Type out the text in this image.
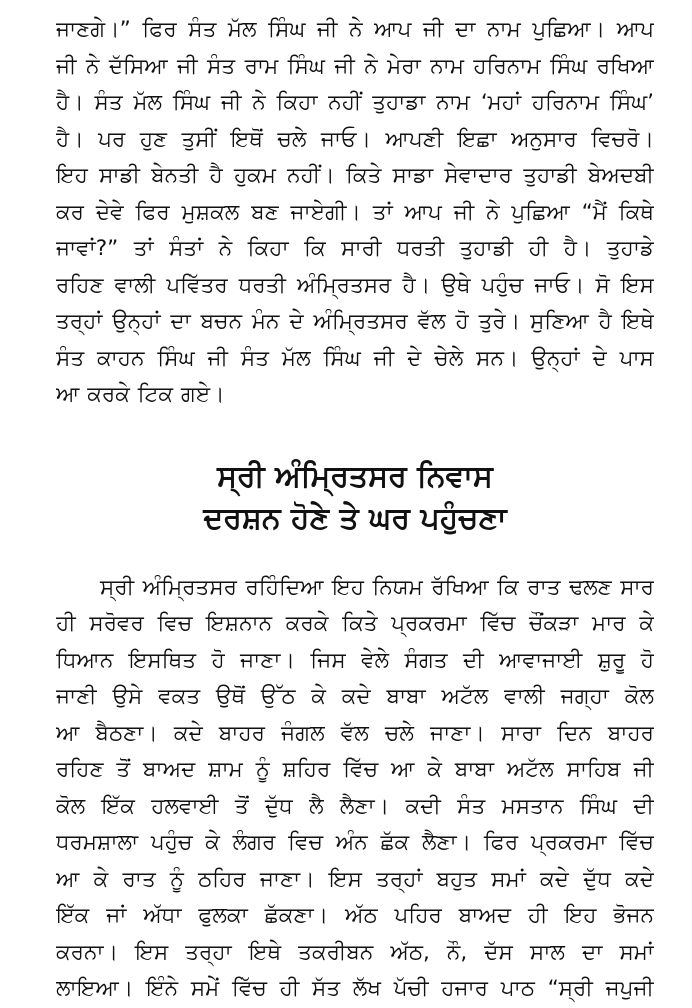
ਜਾਣਗੇ।” ਫਿਰ ਸੰਤ ਮੱਲ ਸਿੰਘ ਜੀ ਨੇ ਆਪ ਜੀ ਦਾ ਨਾਮ ਪੁਛਿਆ। ਆਪ
ਜੀ ਨੇ ਦੱਸਿਆ ਜੀ ਸੰਤ ਰਾਮ ਸਿੰਘ ਜੀ ਨੇ ਮੇਰਾ ਨਾਮ ਹਰਿਨਾਮ ਸਿੰਘ ਰਖਿਆ
ਹੈ। ਸੰਤ ਮੱਲ ਸਿੰਘ ਜੀ ਨੇ ਕਿਹਾ ਨਹੀਂ ਤੁਹਾਡਾ ਨਾਮ ‘ਮਹਾਂ ਹਰਿਨਾਮ ਸਿੰਘ’
ਹੈ। ਪਰ ਹੁਣ ਤੁਸੀਂ ਇਥੋਂ ਚਲੇ ਜਾਓ। ਆਪਣੀ ਇਛਾ ਅਨੁਸਾਰ ਵਿਚਰੋ।
ਇਹ ਸਾਡੀ ਬੇਨਤੀ ਹੈ ਹੁਕਮ ਨਹੀਂ। ਕਿਤੇ ਸਾਡਾ ਸੇਵਾਦਾਰ ਤੁਹਾਡੀ ਬੇਅਦਬੀ
ਕਰ ਦੇਵੇ ਫਿਰ ਮੁਸ਼ਕਲ ਬਣ ਜਾਏਗੀ। ਤਾਂ ਆਪ ਜੀ ਨੇ ਪੁਛਿਆ “ਮੈਂ ਕਿਥੇ
ਜਾਵਾਂ?” ਤਾਂ ਸੰਤਾਂ ਨੇ ਕਿਹਾ ਕਿ ਸਾਰੀ ਧਰਤੀ ਤੁਹਾਡੀ ਹੀ ਹੈ। ਤੁਹਾਡੇ
ਰਹਿਣ ਵਾਲੀ ਪਵਿੱਤਰ ਧਰਤੀ ਅੰਮ੍ਰਿਤਸਰ ਹੈ। ਉਥੇ ਪਹੁੰਚ ਜਾਓ। ਸੋ ਇਸ
ਤਰ੍ਹਾਂ ਉਨ੍ਹਾਂ ਦਾ ਬਚਨ ਮੰਨ ਦੇ ਅੰਮ੍ਰਿਤਸਰ ਵੱਲ ਹੋ ਤੁਰੇ। ਸੁਣਿਆ ਹੈ ਇਥੇ
ਸੰਤ ਕਾਹਨ ਸਿੰਘ ਜੀ ਸੰਤ ਮੱਲ ਸਿੰਘ ਜੀ ਦੇ ਚੇਲੇ ਸਨ। ਉਨ੍ਹਾਂ ਦੇ ਪਾਸ
ਆ ਕਰਕੇ ਟਿਕ ਗਏ।

ਸ੍ਰੀ ਅੰਮ੍ਰਿਤਸਰ ਨਿਵਾਸ
ਦਰਸ਼ਨ ਹੋਣੇ ਤੇ ਘਰ ਪਹੁੰਚਣਾ

ਸ੍ਰੀ ਅੰਮ੍ਰਿਤਸਰ ਰਹਿੰਦਿਆ ਇਹ ਨਿਯਮ ਰੱਖਿਆ ਕਿ ਰਾਤ ਢਲਣ ਸਾਰ
ਹੀ ਸਰੋਵਰ ਵਿਚ ਇਸ਼ਨਾਨ ਕਰਕੇ ਕਿਤੇ ਪ੍ਰਕਰਮਾ ਵਿੱਚ ਚੌਂਕੜਾ ਮਾਰ ਕੇ
ਧਿਆਨ ਇਸਥਿਤ ਹੋ ਜਾਣਾ। ਜਿਸ ਵੇਲੇ ਸੰਗਤ ਦੀ ਆਵਾਜਾਈ ਸ਼ੁਰੂ ਹੋ
ਜਾਣੀ ਉਸੇ ਵਕਤ ਉਥੋਂ ਉੱਠ ਕੇ ਕਦੇ ਬਾਬਾ ਅਟੱਲ ਵਾਲੀ ਜਗ੍ਹਾ ਕੋਲ
ਆ ਬੈਠਣਾ। ਕਦੇ ਬਾਹਰ ਜੰਗਲ ਵੱਲ ਚਲੇ ਜਾਣਾ। ਸਾਰਾ ਦਿਨ ਬਾਹਰ
ਰਹਿਣ ਤੋਂ ਬਾਅਦ ਸ਼ਾਮ ਨੂੰ ਸ਼ਹਿਰ ਵਿੱਚ ਆ ਕੇ ਬਾਬਾ ਅਟੱਲ ਸਾਹਿਬ ਜੀ
ਕੋਲ ਇੱਕ ਹਲਵਾਈ ਤੋਂ ਦੁੱਧ ਲੈ ਲੈਣਾ। ਕਦੀ ਸੰਤ ਮਸਤਾਨ ਸਿੰਘ ਦੀ
ਧਰਮਸ਼ਾਲਾ ਪਹੁੰਚ ਕੇ ਲੰਗਰ ਵਿਚ ਅੰਨ ਛੱਕ ਲੈਣਾ। ਫਿਰ ਪ੍ਰਕਰਮਾ ਵਿੱਚ
ਆ ਕੇ ਰਾਤ ਨੂੰ ਠਹਿਰ ਜਾਣਾ। ਇਸ ਤਰ੍ਹਾਂ ਬਹੁਤ ਸਮਾਂ ਕਦੇ ਦੁੱਧ ਕਦੇ
ਇੱਕ ਜਾਂ ਅੱਧਾ ਫੁਲਕਾ ਛੱਕਣਾ। ਅੱਠ ਪਹਿਰ ਬਾਅਦ ਹੀ ਇਹ ਭੋਜਨ
ਕਰਨਾ। ਇਸ ਤਰ੍ਹਾ ਇਥੇ ਤਕਰੀਬਨ ਅੱਠ, ਨੌ, ਦੱਸ ਸਾਲ ਦਾ ਸਮਾਂ
ਲਾਇਆ। ਇੰਨੇ ਸਮੇਂ ਵਿੱਚ ਹੀ ਸੱਤ ਲੱਖ ਪੱਚੀ ਹਜਾਰ ਪਾਠ “ਸ੍ਰੀ ਜਪੁਜੀ
